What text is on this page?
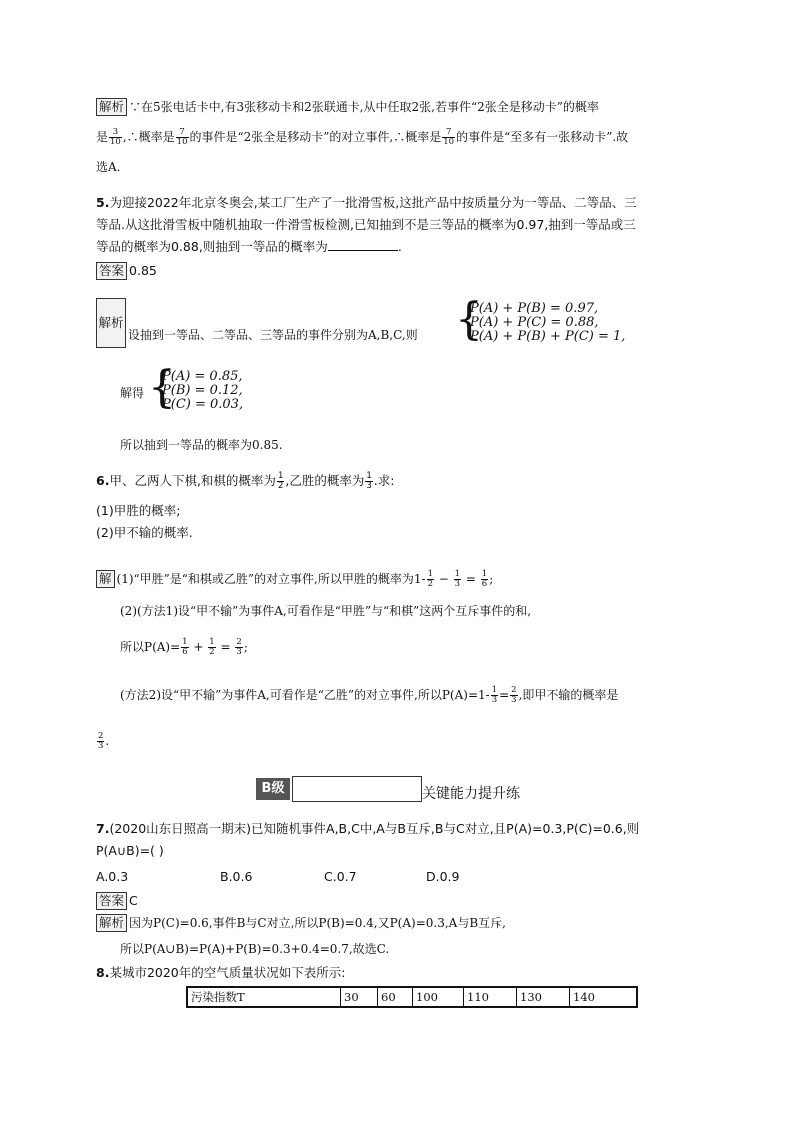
解析 ∵在5张电话卡中,有3张移动卡和2张联通卡,从中任取2张,若事件“2张全是移动卡”的概率
是 $\frac{3}{10}$ ,∴概率是 $\frac{7}{10}$ 的事件是“2张全是移动卡”的对立事件,∴概率是 $\frac{7}{10}$ 的事件是“至多有一张移动卡”.故
选A.
5.为迎接2022年北京冬奥会,某工厂生产了一批滑雪板,这批产品中按质量分为一等品、二等品、三
等品.从这批滑雪板中随机抽取一件滑雪板检测,已知抽到不是三等品的概率为0.97,抽到一等品或三
等品的概率为0.88,则抽到一等品的概率为	.
答案 0.85
解析
设抽到一等品、二等品、三等品的事件分别为A,B,C,则 {
P(A) + P(B) = 0.97,
P(A) + P(C) = 0.88,
P(A) + P(B) + P(C) = 1,
解得 {
P(A) = 0.85,
P(B) = 0.12,
P(C) = 0.03,
所以抽到一等品的概率为0.85.
6.甲、乙两人下棋,和棋的概率为 $\frac{1}{2}$ ,乙胜的概率为 $\frac{1}{3}$ .求:
(1)甲胜的概率;
(2)甲不输的概率.
解 (1)“甲胜”是“和棋或乙胜”的对立事件,所以甲胜的概率为$1- \frac{1}{2} - \frac{1}{3} = \frac{1}{6}$ ;
(2)(方法1)设“甲不输”为事件A,可看作是“甲胜”与“和棋”这两个互斥事件的和,
所以$P(A)= \frac{1}{6} + \frac{1}{2} = \frac{2}{3}$ ;
(方法2)设“甲不输”为事件A,可看作是“乙胜”的对立事件,所以$P(A)=1- \frac{1}{3} = \frac{2}{3}$ ,即甲不输的概率是
$\frac{2}{3}$ .
B级	关键能力提升练
7.(2020山东日照高一期末)已知随机事件A,B,C中,A与B互斥,B与C对立,且P(A)=0.3,P(C)=0.6,则
P(A∪B)=( )
A.0.3	B.0.6	C.0.7	D.0.9
答案 C
解析 因为P(C)=0.6,事件B与C对立,所以P(B)=0.4,又P(A)=0.3,A与B互斥,
所以P(A∪B)=P(A)+P(B)=0.3+0.4=0.7,故选C.
8.某城市2020年的空气质量状况如下表所示:
污染指数T	30	60	100	110	130	140
